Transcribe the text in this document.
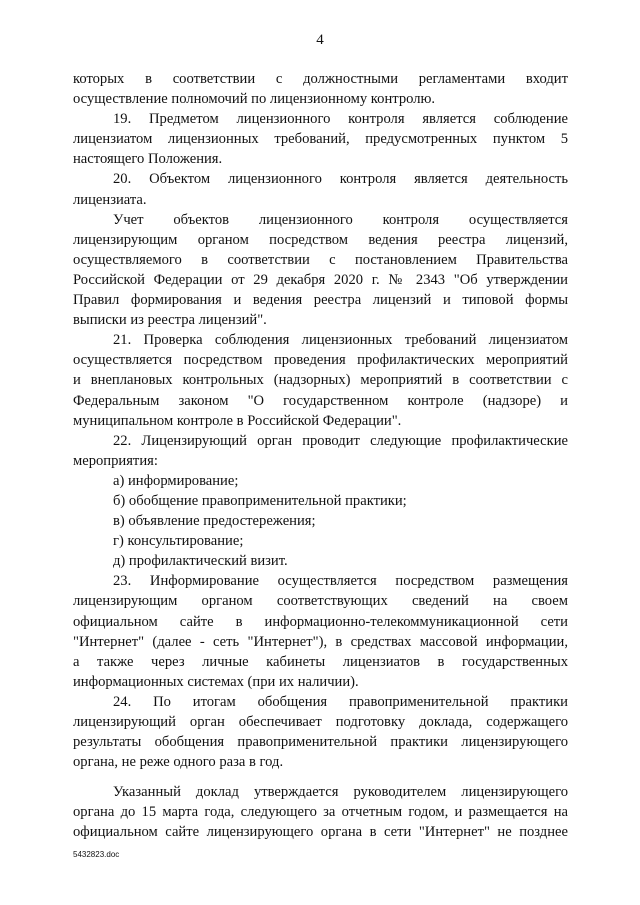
4
которых в соответствии с должностными регламентами входит
осуществление полномочий по лицензионному контролю.
19. Предметом лицензионного контроля является соблюдение
лицензиатом лицензионных требований, предусмотренных пунктом 5
настоящего Положения.
20. Объектом лицензионного контроля является деятельность
лицензиата.
Учет объектов лицензионного контроля осуществляется
лицензирующим органом посредством ведения реестра лицензий,
осуществляемого в соответствии с постановлением Правительства
Российской Федерации от 29 декабря 2020 г. № 2343 "Об утверждении
Правил формирования и ведения реестра лицензий и типовой формы
выписки из реестра лицензий".
21. Проверка соблюдения лицензионных требований лицензиатом
осуществляется посредством проведения профилактических мероприятий
и внеплановых контрольных (надзорных) мероприятий в соответствии с
Федеральным законом "О государственном контроле (надзоре) и
муниципальном контроле в Российской Федерации".
22. Лицензирующий орган проводит следующие профилактические
мероприятия:
а) информирование;
б) обобщение правоприменительной практики;
в) объявление предостережения;
г) консультирование;
д) профилактический визит.
23. Информирование осуществляется посредством размещения
лицензирующим органом соответствующих сведений на своем
официальном сайте в информационно-телекоммуникационной сети
"Интернет" (далее - сеть "Интернет"), в средствах массовой информации,
а также через личные кабинеты лицензиатов в государственных
информационных системах (при их наличии).
24. По итогам обобщения правоприменительной практики
лицензирующий орган обеспечивает подготовку доклада, содержащего
результаты обобщения правоприменительной практики лицензирующего
органа, не реже одного раза в год.
Указанный доклад утверждается руководителем лицензирующего
органа до 15 марта года, следующего за отчетным годом, и размещается на
официальном сайте лицензирующего органа в сети "Интернет" не позднее
5432823.doc
